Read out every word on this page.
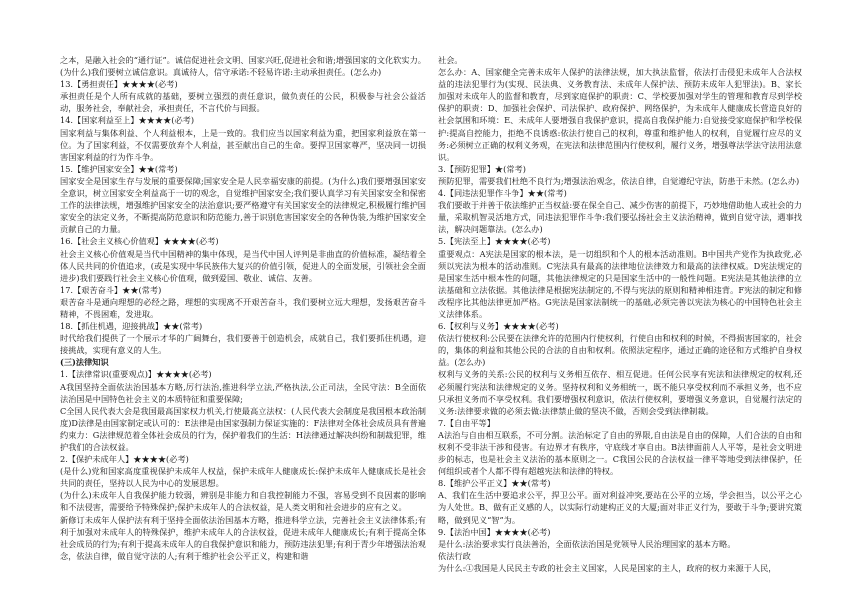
之本，是融入社会的“通行证”。诚信促进社会文明、国家兴旺,促进社会和谐;增强国家的文化软实力。(为什么)我们要树立诚信意识。真诚待人，信守承诺:不轻易许诺:主动承担责任。(怎么办)

13.【勇担责任】★★★★(必考)

承担责任是个人所有成就的基础，要树立强烈的责任意识，做负责任的公民，积极参与社会公益活动，服务社会，奉献社会，承担责任，不言代价与回报。

14.【国家利益至上】★★★★(必考)

国家利益与集体利益、个人利益根本，上是一致的。我们应当以国家利益为重，把国家利益放在第一位。为了国家利益，不仅需要放弃个人利益，甚至献出自己的生命。要捍卫国家尊严，坚决同一切损害国家利益的行为作斗争。

15.【维护国家安全】★★(常考)

国家安全是国家生存与发展的重要保障;国家安全是人民幸福安康的前提。(为什么)我们要增强国家安全意识，树立国家安全利益高于一切的观念，自觉维护国家安全;我们要认真学习有关国家安全和保密工作的法律法规，增强维护国家安全的法治意识;要严格遵守有关国家安全的法律规定,积极履行维护国家安全的法定义务，不断提高防范意识和防范能力,善于识别危害国家安全的各种伪装,为维护国家安全贡献自己的力量。

16.【社会主义核心价值观】★★★★(必考)

社会主义核心价值观是当代中国精神的集中体现，是当代中国人评判是非曲直的价值标准，凝结着全体人民共同的价值追求，(或是实现中华民族伟大复兴的价值引领，促进人的全面发展，引领社会全面进步)我们要践行社会主义核心价值观，做到爱国、敬业、诚信、友善。

17.【艰苦奋斗】★★(常考)

艰苦奋斗是通向理想的必经之路，理想的实现离不开艰苦奋斗，我们要树立远大理想，发扬艰苦奋斗精神，不畏困难，发进取。

18.【抓住机遇，迎接挑战】★★(常考)

时代给我们提供了一个展示才华的广阔舞台，我们要善于创造机会，成就自己，我们要抓住机遇，迎接挑战，实现有意义的人生。

(三)法律知识

1.【法律常识(重要观点)】★★★★(必考)

A我国坚持全面依法治国基本方略,厉行法治,推进科学立法,严格执法,公正司法，全民守法：B全面依法治国是中国特色社会主义的本质特征和重要保障;

C全国人民代表大会是我国最高国家权力机关,行使最高立法权：(人民代表大会制度是我国根本政治制度)D法律是由国家制定或认可的：E法律是由国家强制力保证实施的：F法律对全体社会成员具有普遍约束力：G法律规范着全体社会成员的行为，保护着我们的生活：H法律通过解决纠纷和制裁犯罪，维护我们的合法权益。

2.【保护未成年人】★★★★(必考)

(是什么)党和国家高度重视保护未成年人权益，保护未成年人健康成长:保护未成年人健康成长是社会共同的责任，坚持以人民为中心的发展思想。

(为什么)未成年人自我保护能力较弱，辨别是非能力和自我控制能力不强，容易受到不良因素的影响和不法侵害，需要给予特殊保护;保护未成年人的合法权益，是人类文明和社会进步的应有之义。

新修订未成年人保护法有利于坚持全面依法治国基本方略，推进科学立法，完善社会主义法律体系;有利于加强对未成年人的特殊保护，维护未成年人的合法权益，促进未成年人健康成长;有利于提高全体社会成员的行为;有利于提高未成年人的自我保护意识和能力，预防违法犯罪;有利于青少年增强法治观念，依法自律，做自觉守法的人;有利于维护社会公平正义，构建和谐

社会。

怎么办：A、国家健全完善未成年人保护的法律法规，加大执法监督，依法打击侵犯未成年人合法权益的违法犯罪行为(实现、民法典、义务教育法、未成年人保护法、预防未成年人犯罪法)。B、家长加强对未成年人的监督和教育，尽到家庭保护的职责：C、学校要加强对学生的管理和教育尽到学校保护的职责：D、加强社会保护、司法保护、政府保护、网络保护，为未成年人健康成长营造良好的社会氛围和环境：E、未成年人要增强自我保护意识，提高自我保护能力:自觉接受家庭保护和学校保护:提高自控能力，拒绝不良诱惑:依法行使自己的权利，尊重和维护他人的权利，自觉履行应尽的义务:必须树立正确的权利义务观，在宪法和法律范围内行使权利，履行义务，增强尊法学法守法用法意识。

3.【预防犯罪】★(常考)

预防犯罪，需要我们杜绝不良行为;增强法治观念，依法自律，自觉遵纪守法，防患于未然。(怎么办)

4.【同违法犯罪作斗争】★★(常考)

我们要敢于并善于依法维护正当权益:要在保全自己、减少伤害的前提下，巧妙地借助他人或社会的力量，采取机智灵活地方式，同违法犯罪作斗争:我们要弘扬社会主义法治精神，做到自觉守法，遇事找法，解决问题靠法。(怎么办)

5.【宪法至上】★★★★(必考)

重要观点：A宪法是国家的根本法，是一切组织和个人的根本活动准则。B中国共产党作为执政党,必须以宪法为根本的活动准则。C宪法具有最高的法律地位法律效力和最高的法律权威。D宪法规定的是国家生活中根本性的问题，其他法律规定的只是国家生活中的一般性问题。E宪法是其他法律的立法基础和立法依据。其他法律是根据宪法制定的,不得与宪法的原则和精神相违背。F宪法的制定和修改程序比其他法律更加严格。G宪法是国家法制统一的基础,必须完善以宪法为核心的中国特色社会主义法律体系。

6.【权利与义务】★★★★(必考)

依法行使权利:公民要在法律允许的范围内行使权利，行使自由和权利的时候，不得损害国家的，社会的，集体的利益和其他公民的合法的自由和权利。依照法定程序，通过正确的途径和方式维护自身权益。(怎么办)

权利与义务的关系:公民的权利与义务相互依存、相互促进。任何公民享有宪法和法律规定的权利,还必须履行宪法和法律规定的义务。坚持权利和义务相统一，既不能只享受权利而不承担义务，也不应只承担义务而不享受权利。我们要增强权利意识，依法行使权利，要增强义务意识，自觉履行法定的义务:法律要求做的必须去做:法律禁止做的坚决不做，否则会受到法律制裁。

7.【自由平等】

A法治与自由相互联系，不可分割。法治标定了自由的界限,自由法是自由的保障，人们合法的自由和权利不受非法干涉和侵害。有边界才有秩序，守底线才享自由。B法律面前人人平等，是社会文明进步的标志，也是社会主义法治的基本原则之一。C我国公民的合法权益一律平等地受到法律保护，任何组织或者个人都不得有超越宪法和法律的特权。

8.【维护公平正义】★★(常考)

A、我们在生活中要追求公平，捍卫公平。面对利益冲突,要站在公平的立场，学会担当，以公平之心为人处世。B、做有正义感的人，以实际行动建构正义的大厦;面对非正义行为，要敢于斗争;要讲究策略，做到见义“智”为。

9.【法治中国】★★★★(必考)

是什么:法治要求实行良法善治，全面依法治国是党领导人民治理国家的基本方略。

依法行政

为什么:①我国是人民民主专政的社会主义国家，人民是国家的主人，政府的权力来源于人民，
